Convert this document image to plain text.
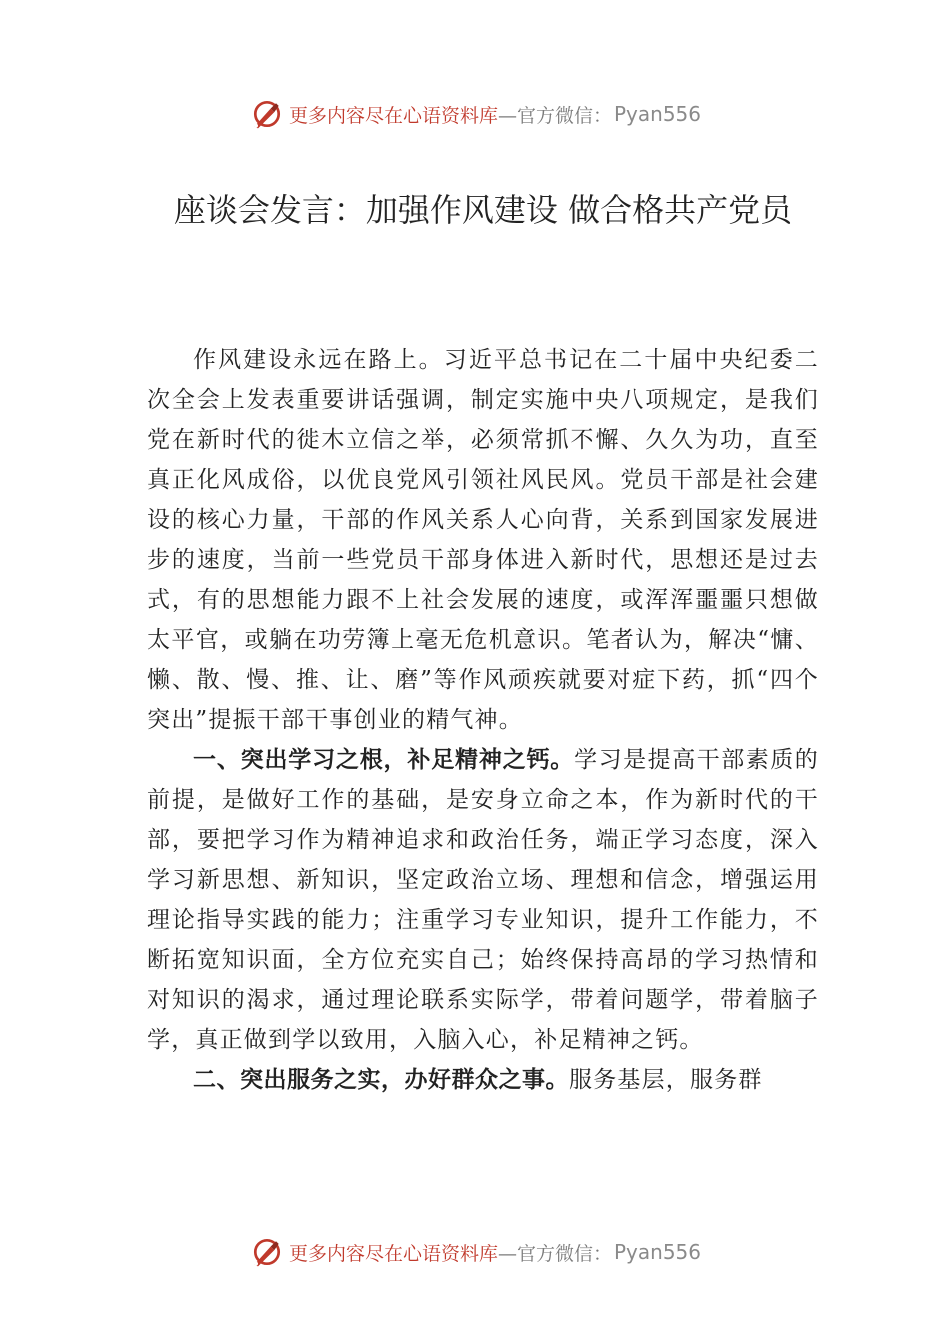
更多内容尽在心语资料库 —官方微信： Pyan556
座谈会发言：加强作风建设 做合格共产党员

作风建设永远在路上。习近平总书记在二十届中央纪委二次全会上发表重要讲话强调，制定实施中央八项规定，是我们党在新时代的徙木立信之举，必须常抓不懈、久久为功，直至真正化风成俗，以优良党风引领社风民风。党员干部是社会建设的核心力量，干部的作风关系人心向背，关系到国家发展进步的速度，当前一些党员干部身体进入新时代，思想还是过去式，有的思想能力跟不上社会发展的速度，或浑浑噩噩只想做太平官，或躺在功劳簿上毫无危机意识。笔者认为，解决“慵、懒、散、慢、推、让、磨”等作风顽疾就要对症下药，抓“四个突出”提振干部干事创业的精气神。

一、突出学习之根，补足精神之钙。学习是提高干部素质的前提，是做好工作的基础，是安身立命之本，作为新时代的干部，要把学习作为精神追求和政治任务，端正学习态度，深入学习新思想、新知识，坚定政治立场、理想和信念，增强运用理论指导实践的能力；注重学习专业知识，提升工作能力，不断拓宽知识面，全方位充实自己；始终保持高昂的学习热情和对知识的渴求，通过理论联系实际学，带着问题学，带着脑子学，真正做到学以致用，入脑入心，补足精神之钙。

二、突出服务之实，办好群众之事。服务基层，服务群

更多内容尽在心语资料库 —官方微信： Pyan556
